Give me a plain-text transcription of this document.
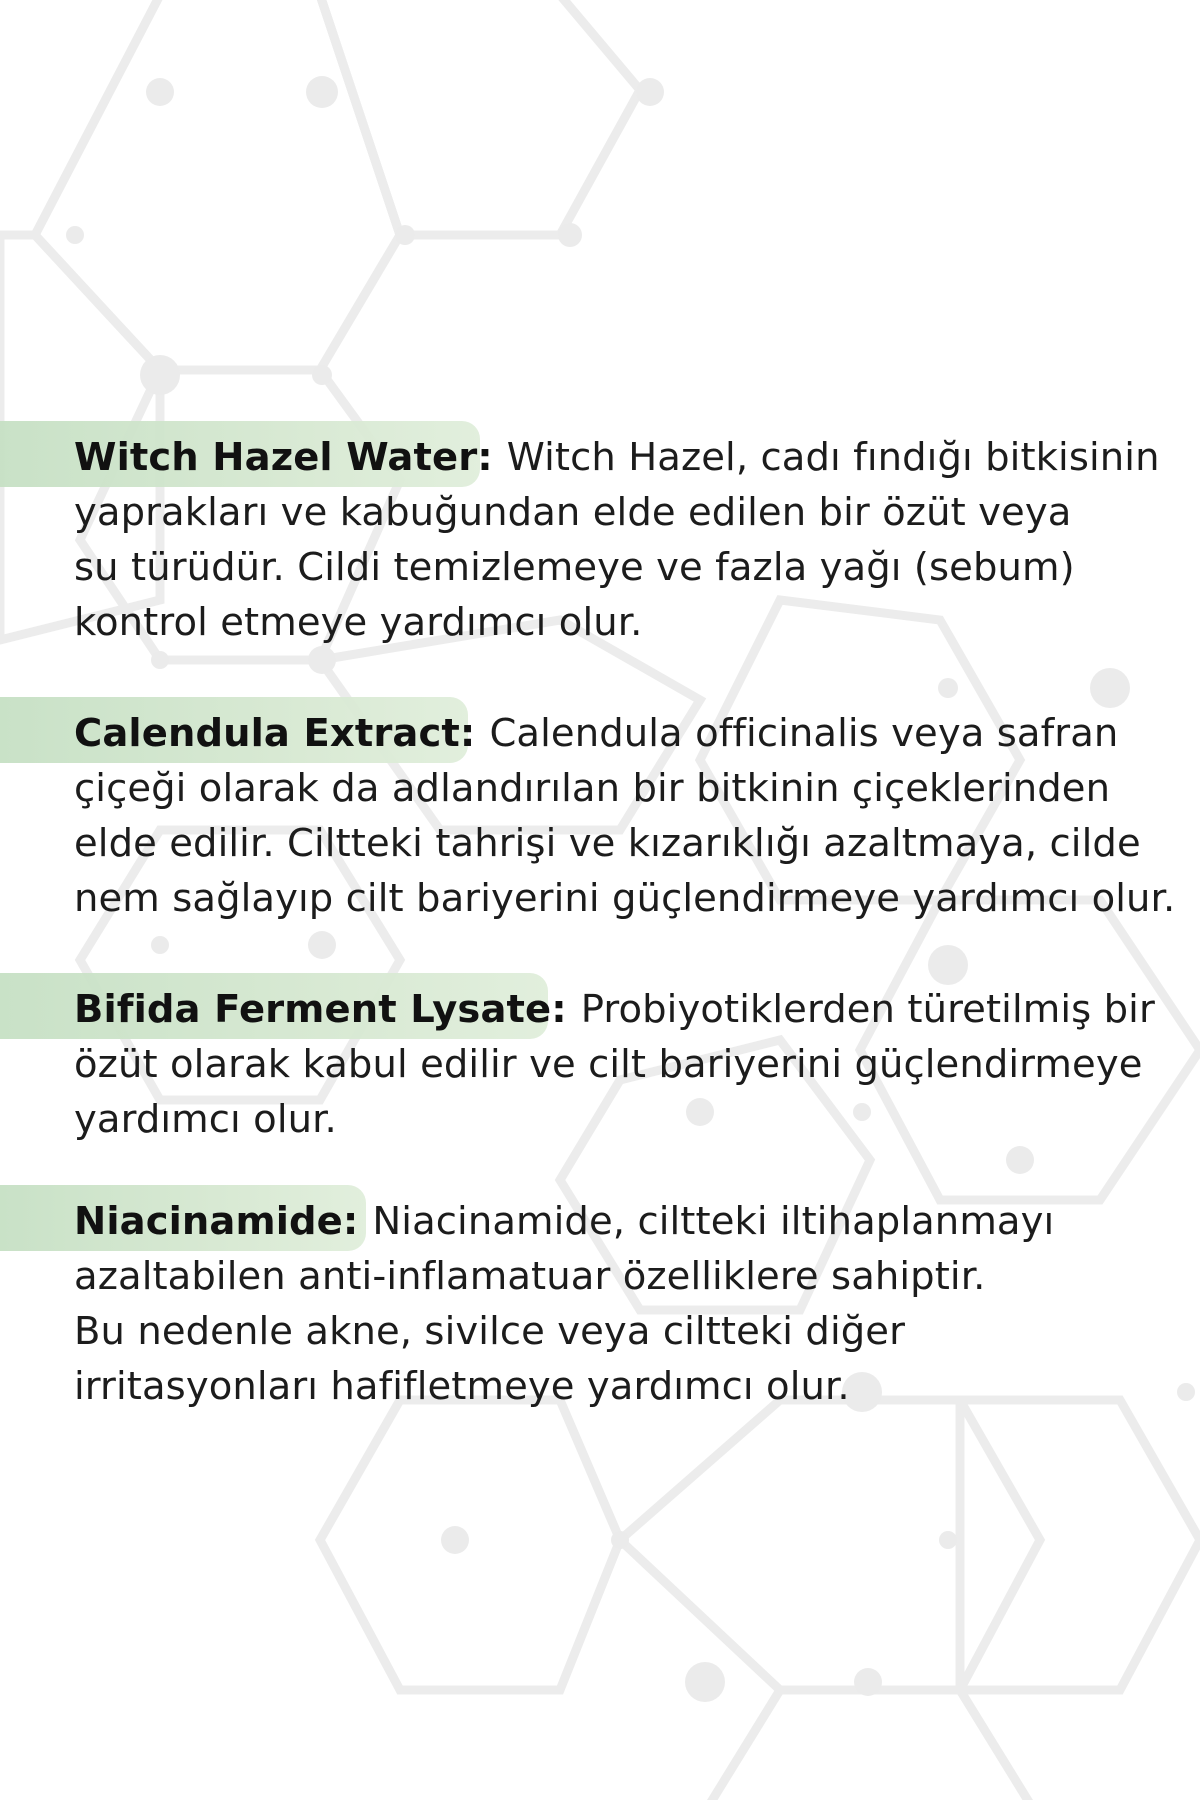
Witch Hazel Water: Witch Hazel, cadı fındığı bitkisinin
yaprakları ve kabuğundan elde edilen bir özüt veya
su türüdür. Cildi temizlemeye ve fazla yağı (sebum)
kontrol etmeye yardımcı olur.

Calendula Extract: Calendula officinalis veya safran
çiçeği olarak da adlandırılan bir bitkinin çiçeklerinden
elde edilir. Ciltteki tahrişi ve kızarıklığı azaltmaya, cilde
nem sağlayıp cilt bariyerini güçlendirmeye yardımcı olur.

Bifida Ferment Lysate: Probiyotiklerden türetilmiş bir
özüt olarak kabul edilir ve cilt bariyerini güçlendirmeye
yardımcı olur.

Niacinamide: Niacinamide, ciltteki iltihaplanmayı
azaltabilen anti-inflamatuar özelliklere sahiptir.
Bu nedenle akne, sivilce veya ciltteki diğer
irritasyonları hafifletmeye yardımcı olur.
